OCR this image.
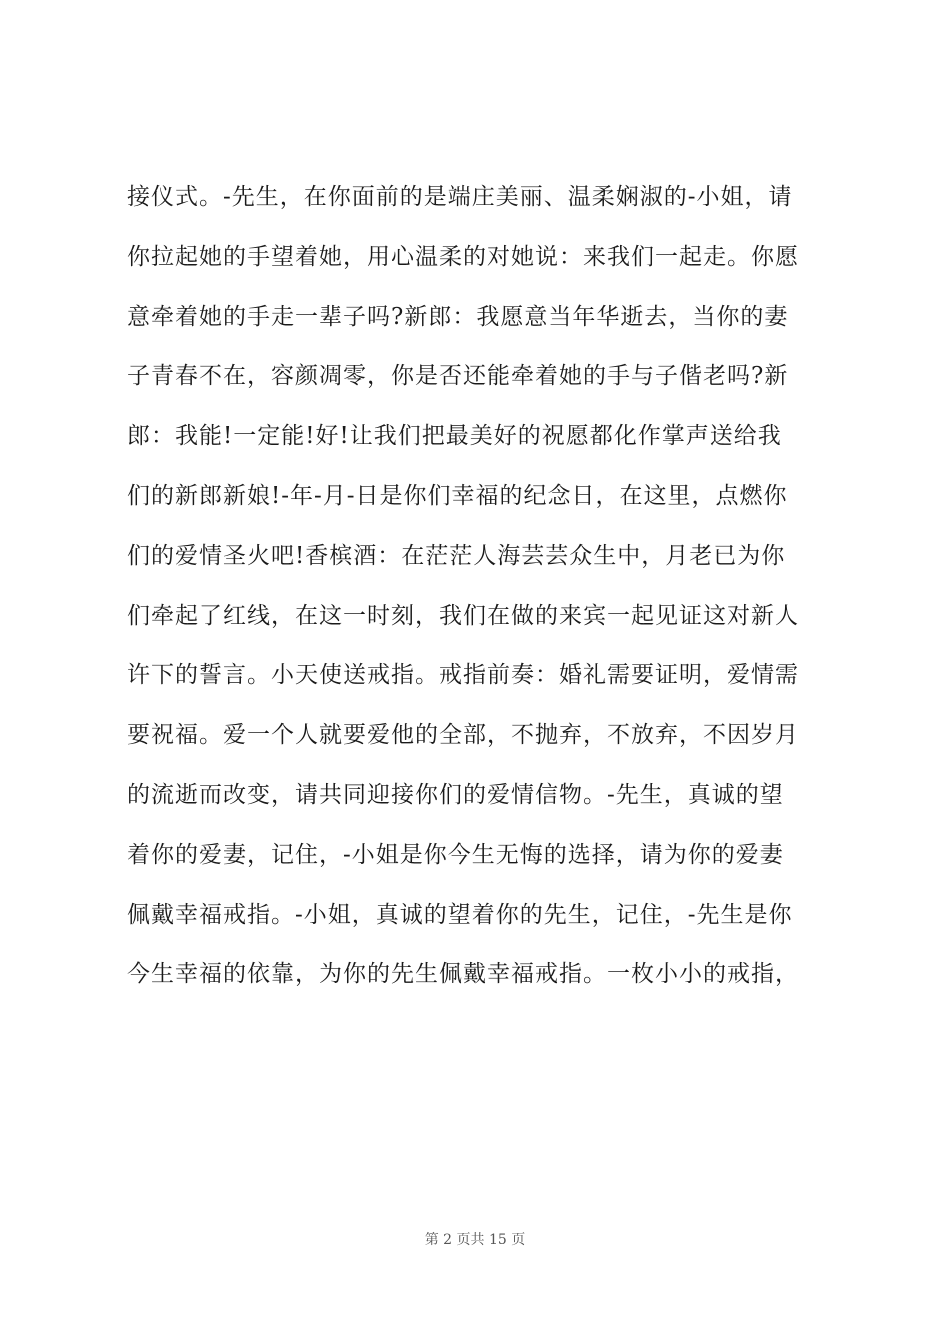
接仪式。-先生，在你面前的是端庄美丽、温柔娴淑的-小姐，请
你拉起她的手望着她，用心温柔的对她说：来我们一起走。你愿
意牵着她的手走一辈子吗?新郎：我愿意当年华逝去，当你的妻
子青春不在，容颜凋零，你是否还能牵着她的手与子偕老吗?新
郎：我能!一定能!好!让我们把最美好的祝愿都化作掌声送给我
们的新郎新娘!-年-月-日是你们幸福的纪念日，在这里，点燃你
们的爱情圣火吧!香槟酒：在茫茫人海芸芸众生中，月老已为你
们牵起了红线，在这一时刻，我们在做的来宾一起见证这对新人
许下的誓言。小天使送戒指。戒指前奏：婚礼需要证明，爱情需
要祝福。爱一个人就要爱他的全部，不抛弃，不放弃，不因岁月
的流逝而改变，请共同迎接你们的爱情信物。-先生，真诚的望
着你的爱妻，记住，-小姐是你今生无悔的选择，请为你的爱妻
佩戴幸福戒指。-小姐，真诚的望着你的先生，记住，-先生是你
今生幸福的依靠，为你的先生佩戴幸福戒指。一枚小小的戒指，
第 2 页共 15 页
